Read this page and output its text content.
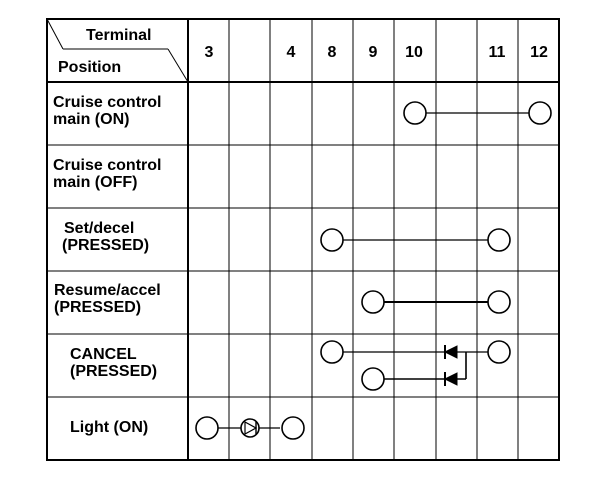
Terminal
Position
3	4 8 9 10	11 12
Cruise control
main (ON)
Cruise control
main (OFF)
Set/decel
(PRESSED)
Resume/accel
(PRESSED)
CANCEL
(PRESSED)
Light (ON)
